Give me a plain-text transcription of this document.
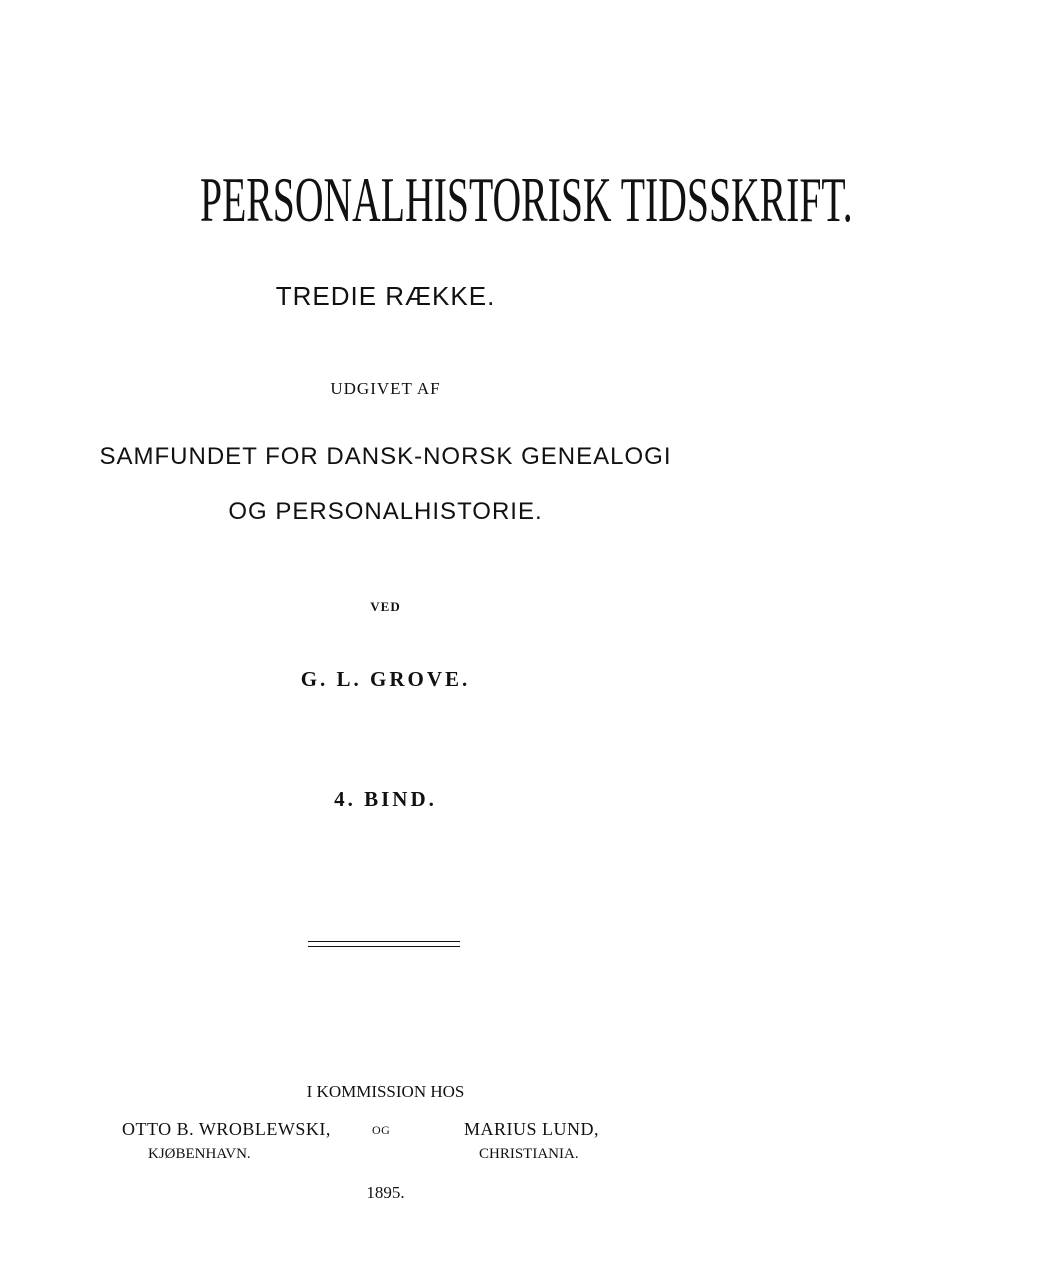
PERSONALHISTORISK TIDSSKRIFT.
TREDIE RÆKKE.
UDGIVET AF
SAMFUNDET FOR DANSK-NORSK GENEALOGI
OG PERSONALHISTORIE.
VED
G. L. GROVE.
4. BIND.
I KOMMISSION HOS
OTTO B. WROBLEWSKI,
KJØBENHAVN.
OG	MARIUS LUND,
CHRISTIANIA.
1895.
